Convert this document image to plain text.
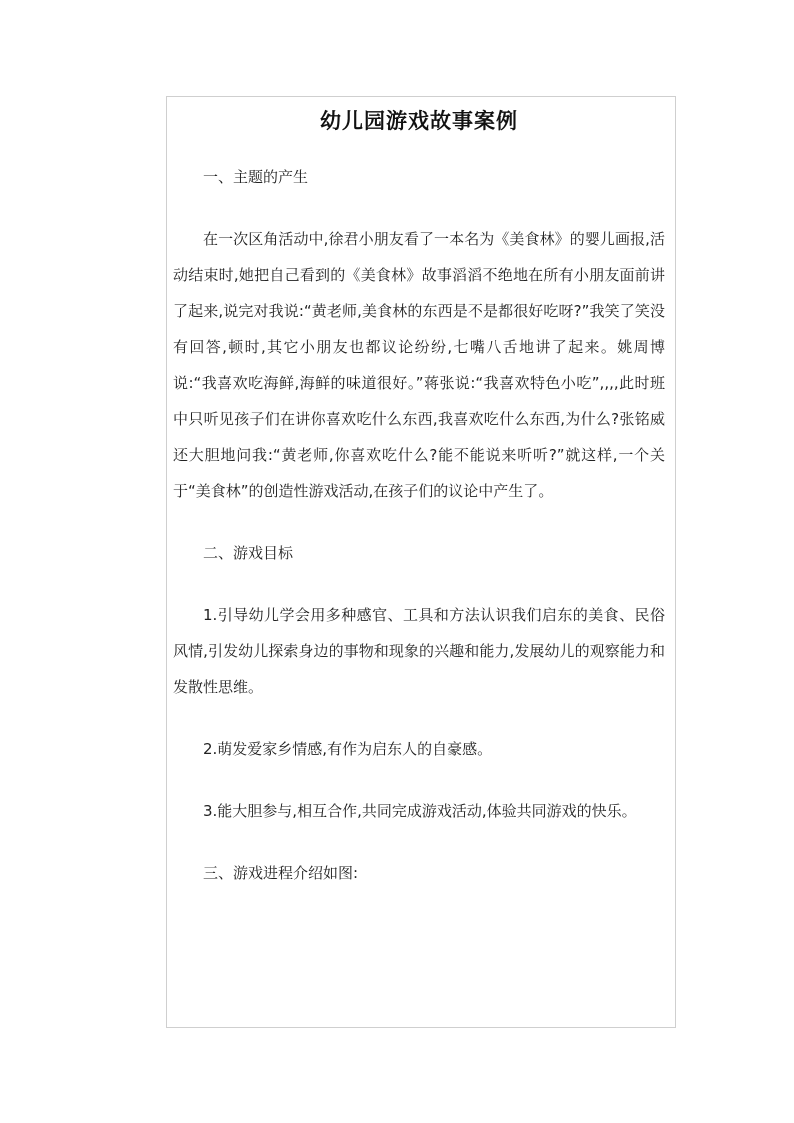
幼儿园游戏故事案例

一、主题的产生

在一次区角活动中,徐君小朋友看了一本名为《美食林》的婴儿画报,活动结束时,她把自己看到的《美食林》故事滔滔不绝地在所有小朋友面前讲了起来,说完对我说:“黄老师,美食林的东西是不是都很好吃呀?”我笑了笑没有回答,顿时,其它小朋友也都议论纷纷,七嘴八舌地讲了起来。姚周博说:“我喜欢吃海鲜,海鲜的味道很好。”蒋张说:“我喜欢特色小吃”,,,,此时班中只听见孩子们在讲你喜欢吃什么东西,我喜欢吃什么东西,为什么?张铭威还大胆地问我:“黄老师,你喜欢吃什么?能不能说来听听?”就这样,一个关于“美食林”的创造性游戏活动,在孩子们的议论中产生了。

二、游戏目标

1.引导幼儿学会用多种感官、工具和方法认识我们启东的美食、民俗风情,引发幼儿探索身边的事物和现象的兴趣和能力,发展幼儿的观察能力和发散性思维。

2.萌发爱家乡情感,有作为启东人的自豪感。

3.能大胆参与,相互合作,共同完成游戏活动,体验共同游戏的快乐。

三、游戏进程介绍如图:
